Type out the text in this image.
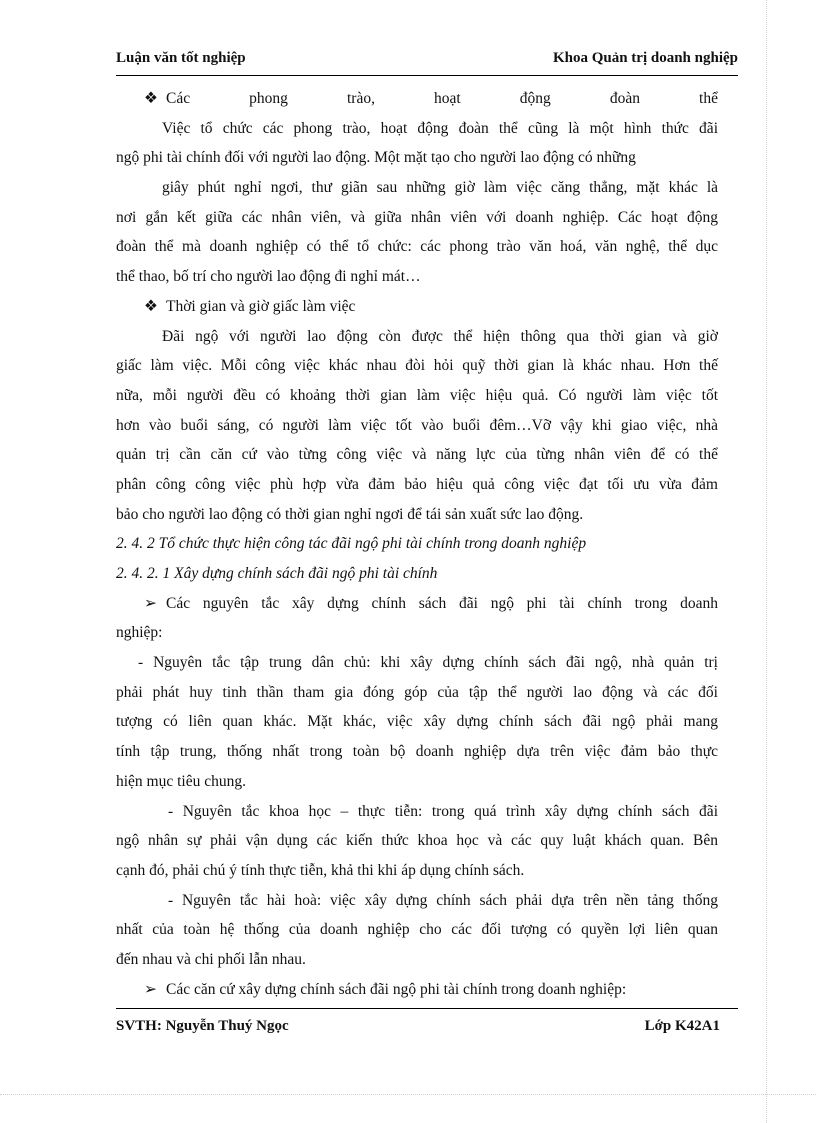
Luận văn tốt nghiệp	Khoa Quản trị doanh nghiệp
❖ Các phong trào, hoạt động đoàn thể
Việc tổ chức các phong trào, hoạt động đoàn thể cũng là một hình thức đãi
ngộ phi tài chính đối với người lao động. Một mặt tạo cho người lao động có những
giây phút nghỉ ngơi, thư giãn sau những giờ làm việc căng thẳng, mặt khác là
nơi gắn kết giữa các nhân viên, và giữa nhân viên với doanh nghiệp. Các hoạt động
đoàn thể mà doanh nghiệp có thể tổ chức: các phong trào văn hoá, văn nghệ, thể dục
thể thao, bố trí cho người lao động đi nghỉ mát…
❖ Thời gian và giờ giấc làm việc
Đãi ngộ với người lao động còn được thể hiện thông qua thời gian và giờ
giấc làm việc. Mỗi công việc khác nhau đòi hỏi quỹ thời gian là khác nhau. Hơn thế
nữa, mỗi người đều có khoảng thời gian làm việc hiệu quả. Có người làm việc tốt
hơn vào buổi sáng, có người làm việc tốt vào buổi đêm…Vỡ vậy khi giao việc, nhà
quản trị cần căn cứ vào từng công việc và năng lực của từng nhân viên để có thể
phân công công việc phù hợp vừa đảm bảo hiệu quả công việc đạt tối ưu vừa đảm
bảo cho người lao động có thời gian nghỉ ngơi để tái sản xuất sức lao động.
2. 4. 2 Tổ chức thực hiện công tác đãi ngộ phi tài chính trong doanh nghiệp
2. 4. 2. 1 Xây dựng chính sách đãi ngộ phi tài chính
➢ Các nguyên tắc xây dựng chính sách đãi ngộ phi tài chính trong doanh
nghiệp:
- Nguyên tắc tập trung dân chủ: khi xây dựng chính sách đãi ngộ, nhà quản trị
phải phát huy tinh thần tham gia đóng góp của tập thể người lao động và các đối
tượng có liên quan khác. Mặt khác, việc xây dựng chính sách đãi ngộ phải mang
tính tập trung, thống nhất trong toàn bộ doanh nghiệp dựa trên việc đảm bảo thực
hiện mục tiêu chung.
- Nguyên tắc khoa học – thực tiễn: trong quá trình xây dựng chính sách đãi
ngộ nhân sự phải vận dụng các kiến thức khoa học và các quy luật khách quan. Bên
cạnh đó, phải chú ý tính thực tiễn, khả thi khi áp dụng chính sách.
- Nguyên tắc hài hoà: việc xây dựng chính sách phải dựa trên nền tảng thống
nhất của toàn hệ thống của doanh nghiệp cho các đối tượng có quyền lợi liên quan
đến nhau và chi phối lẫn nhau.
➢ Các căn cứ xây dựng chính sách đãi ngộ phi tài chính trong doanh nghiệp:
SVTH: Nguyễn Thuý Ngọc	Lớp K42A1
